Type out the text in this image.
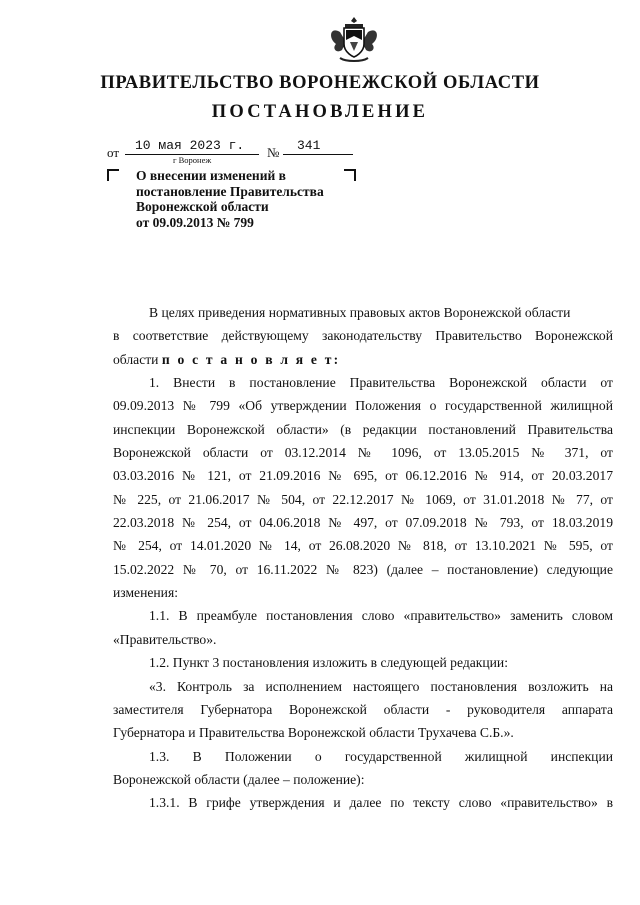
ПРАВИТЕЛЬСТВО ВОРОНЕЖСКОЙ ОБЛАСТИ
ПОСТАНОВЛЕНИЕ
от 10 мая 2023 г. № 341
г Воронеж
О внесении изменений в
постановление Правительства
Воронежской области
от 09.09.2013 № 799
В целях приведения нормативных правовых актов Воронежской области
в соответствие действующему законодательству Правительство Воронежской
области п о с т а н о в л я е т:
1. Внести в постановление Правительства Воронежской области от
09.09.2013 № 799 «Об утверждении Положения о государственной жилищной
инспекции Воронежской области» (в редакции постановлений Правительства
Воронежской области от 03.12.2014 № 1096, от 13.05.2015 № 371, от
03.03.2016 № 121, от 21.09.2016 № 695, от 06.12.2016 № 914, от 20.03.2017
№ 225, от 21.06.2017 № 504, от 22.12.2017 № 1069, от 31.01.2018 № 77, от
22.03.2018 № 254, от 04.06.2018 № 497, от 07.09.2018 № 793, от 18.03.2019
№ 254, от 14.01.2020 № 14, от 26.08.2020 № 818, от 13.10.2021 № 595, от
15.02.2022 № 70, от 16.11.2022 № 823) (далее – постановление) следующие
изменения:
1.1. В преамбуле постановления слово «правительство» заменить словом
«Правительство».
1.2. Пункт 3 постановления изложить в следующей редакции:
«3. Контроль за исполнением настоящего постановления возложить на
заместителя Губернатора Воронежской области - руководителя аппарата
Губернатора и Правительства Воронежской области Трухачева С.Б.».
1.3. В Положении о государственной жилищной инспекции
Воронежской области (далее – положение):
1.3.1. В грифе утверждения и далее по тексту слово «правительство» в
